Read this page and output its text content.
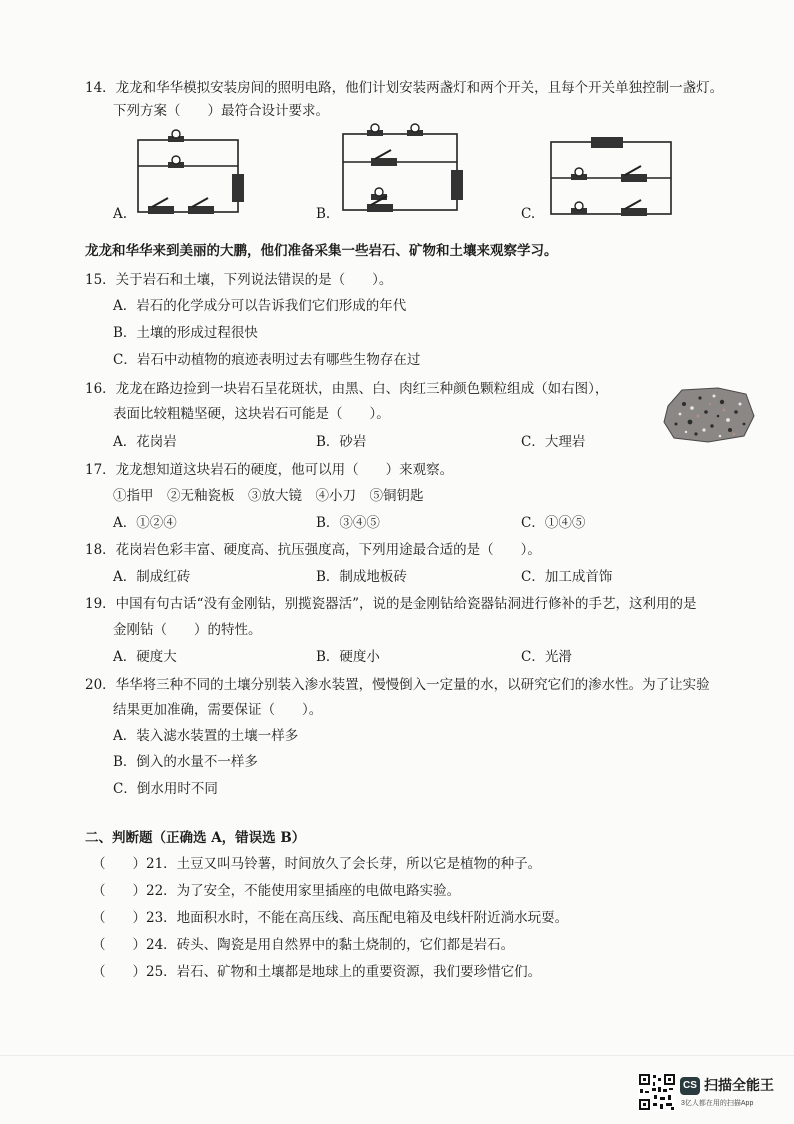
14．龙龙和华华模拟安装房间的照明电路，他们计划安装两盏灯和两个开关，且每个开关单独控制一盏灯。
下列方案（　　）最符合设计要求。
A.	B.	C.
龙龙和华华来到美丽的大鹏，他们准备采集一些岩石、矿物和土壤来观察学习。
15．关于岩石和土壤，下列说法错误的是（　　）。
A．岩石的化学成分可以告诉我们它们形成的年代
B．土壤的形成过程很快
C．岩石中动植物的痕迹表明过去有哪些生物存在过
16．龙龙在路边捡到一块岩石呈花斑状，由黑、白、肉红三种颜色颗粒组成（如右图），
表面比较粗糙坚硬，这块岩石可能是（　　）。
A．花岗岩	B．砂岩	C．大理岩
17．龙龙想知道这块岩石的硬度，他可以用（　　）来观察。
①指甲　②无釉瓷板　③放大镜　④小刀　⑤铜钥匙
A．①②④	B．③④⑤	C．①④⑤
18．花岗岩色彩丰富、硬度高、抗压强度高，下列用途最合适的是（　　）。
A．制成红砖	B．制成地板砖	C．加工成首饰
19．中国有句古话“没有金刚钻，别揽瓷器活”，说的是金刚钻给瓷器钻洞进行修补的手艺，这利用的是
金刚钻（　　）的特性。
A．硬度大	B．硬度小	C．光滑
20．华华将三种不同的土壤分别装入渗水装置，慢慢倒入一定量的水，以研究它们的渗水性。为了让实验
结果更加准确，需要保证（　　）。
A．装入滤水装置的土壤一样多
B．倒入的水量不一样多
C．倒水用时不同
二、判断题（正确选 A，错误选 B）
（　　）21．土豆又叫马铃薯，时间放久了会长芽，所以它是植物的种子。
（　　）22．为了安全，不能使用家里插座的电做电路实验。
（　　）23．地面积水时，不能在高压线、高压配电箱及电线杆附近淌水玩耍。
（　　）24．砖头、陶瓷是用自然界中的黏土烧制的，它们都是岩石。
（　　）25．岩石、矿物和土壤都是地球上的重要资源，我们要珍惜它们。
CS 扫描全能王
3亿人都在用的扫描App
